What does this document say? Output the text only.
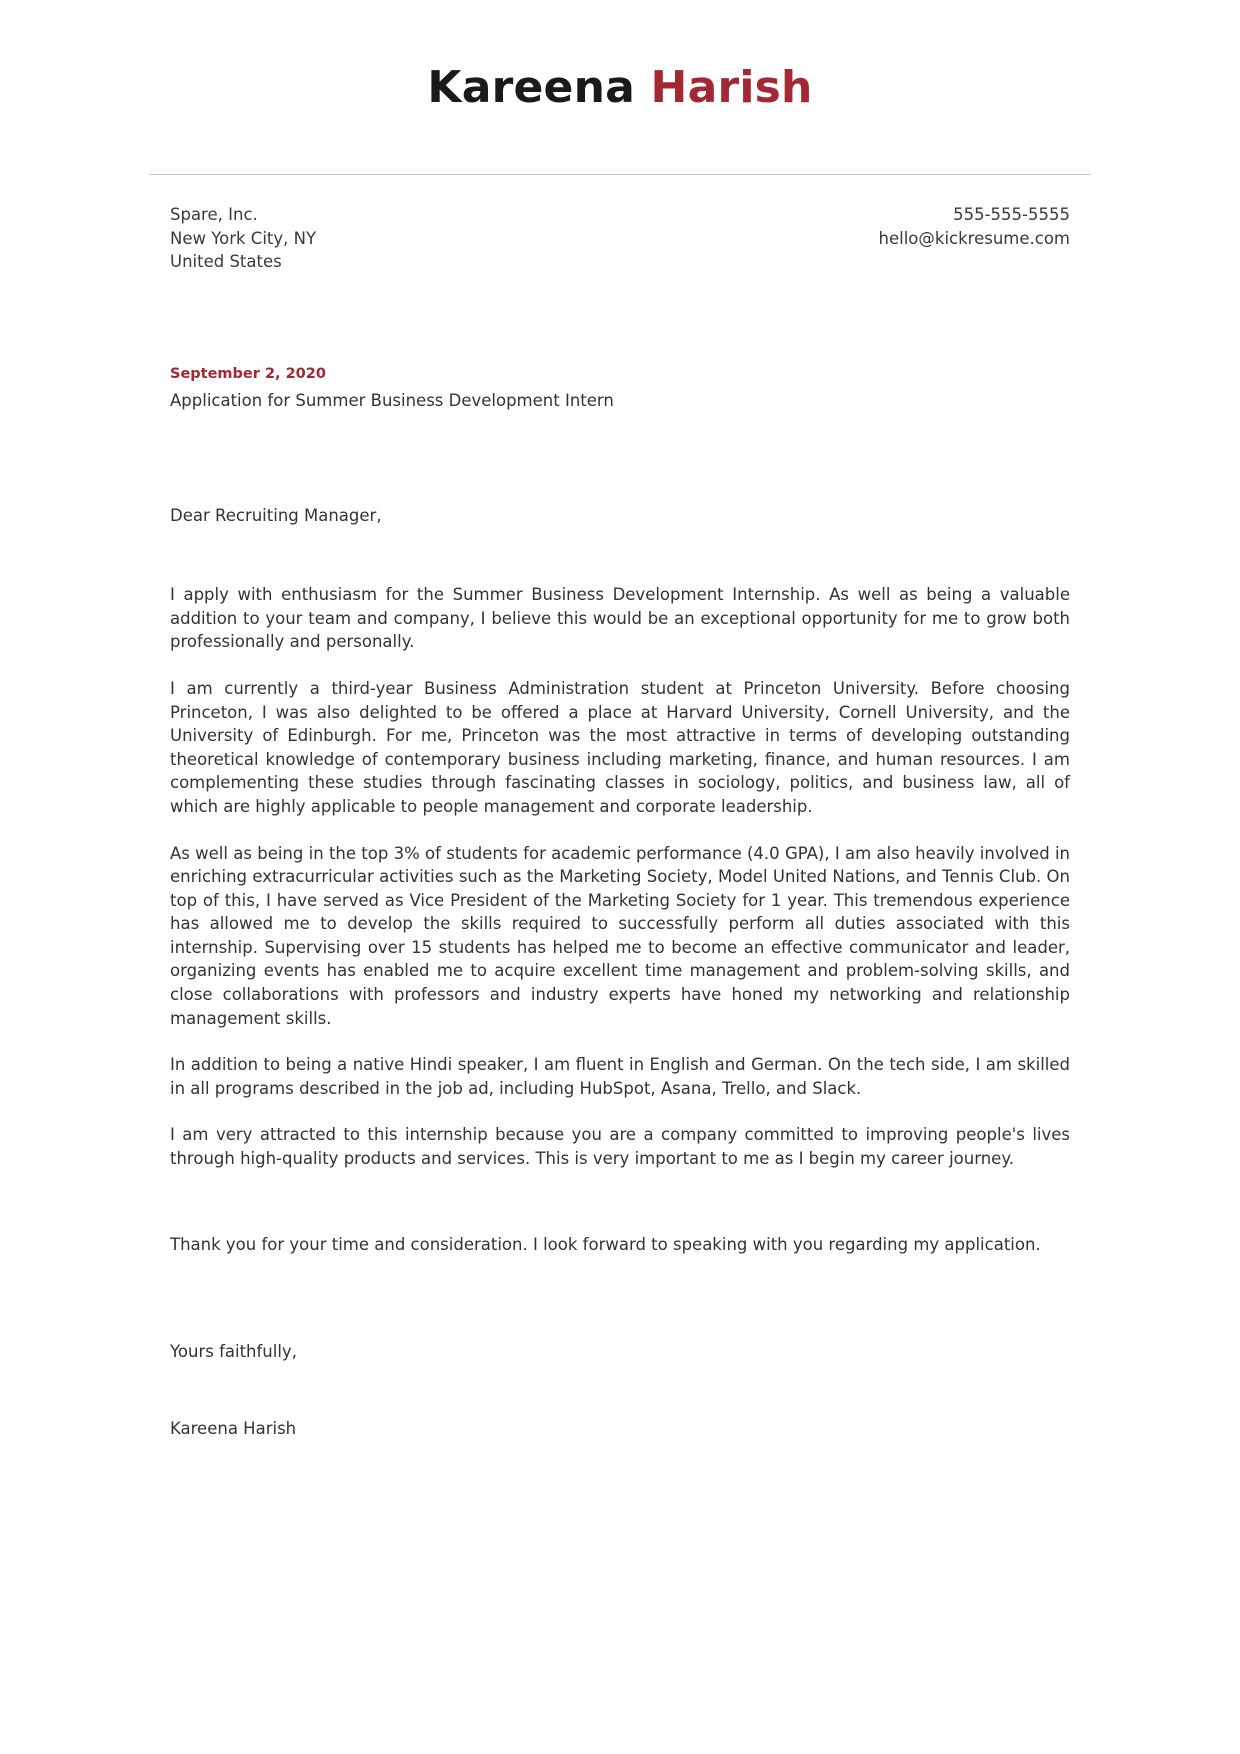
Kareena Harish
Spare, Inc.
New York City, NY
United States
555-555-5555
hello@kickresume.com
September 2, 2020
Application for Summer Business Development Intern
Dear Recruiting Manager,

I apply with enthusiasm for the Summer Business Development Internship. As well as being a valuable addition to your team and company, I believe this would be an exceptional opportunity for me to grow both professionally and personally.

I am currently a third-year Business Administration student at Princeton University. Before choosing Princeton, I was also delighted to be offered a place at Harvard University, Cornell University, and the University of Edinburgh. For me, Princeton was the most attractive in terms of developing outstanding theoretical knowledge of contemporary business including marketing, finance, and human resources. I am complementing these studies through fascinating classes in sociology, politics, and business law, all of which are highly applicable to people management and corporate leadership.

As well as being in the top 3% of students for academic performance (4.0 GPA), I am also heavily involved in enriching extracurricular activities such as the Marketing Society, Model United Nations, and Tennis Club. On top of this, I have served as Vice President of the Marketing Society for 1 year. This tremendous experience has allowed me to develop the skills required to successfully perform all duties associated with this internship. Supervising over 15 students has helped me to become an effective communicator and leader, organizing events has enabled me to acquire excellent time management and problem-solving skills, and close collaborations with professors and industry experts have honed my networking and relationship management skills.

In addition to being a native Hindi speaker, I am fluent in English and German. On the tech side, I am skilled in all programs described in the job ad, including HubSpot, Asana, Trello, and Slack.

I am very attracted to this internship because you are a company committed to improving people's lives through high-quality products and services. This is very important to me as I begin my career journey.

Thank you for your time and consideration. I look forward to speaking with you regarding my application.
Yours faithfully,
Kareena Harish
